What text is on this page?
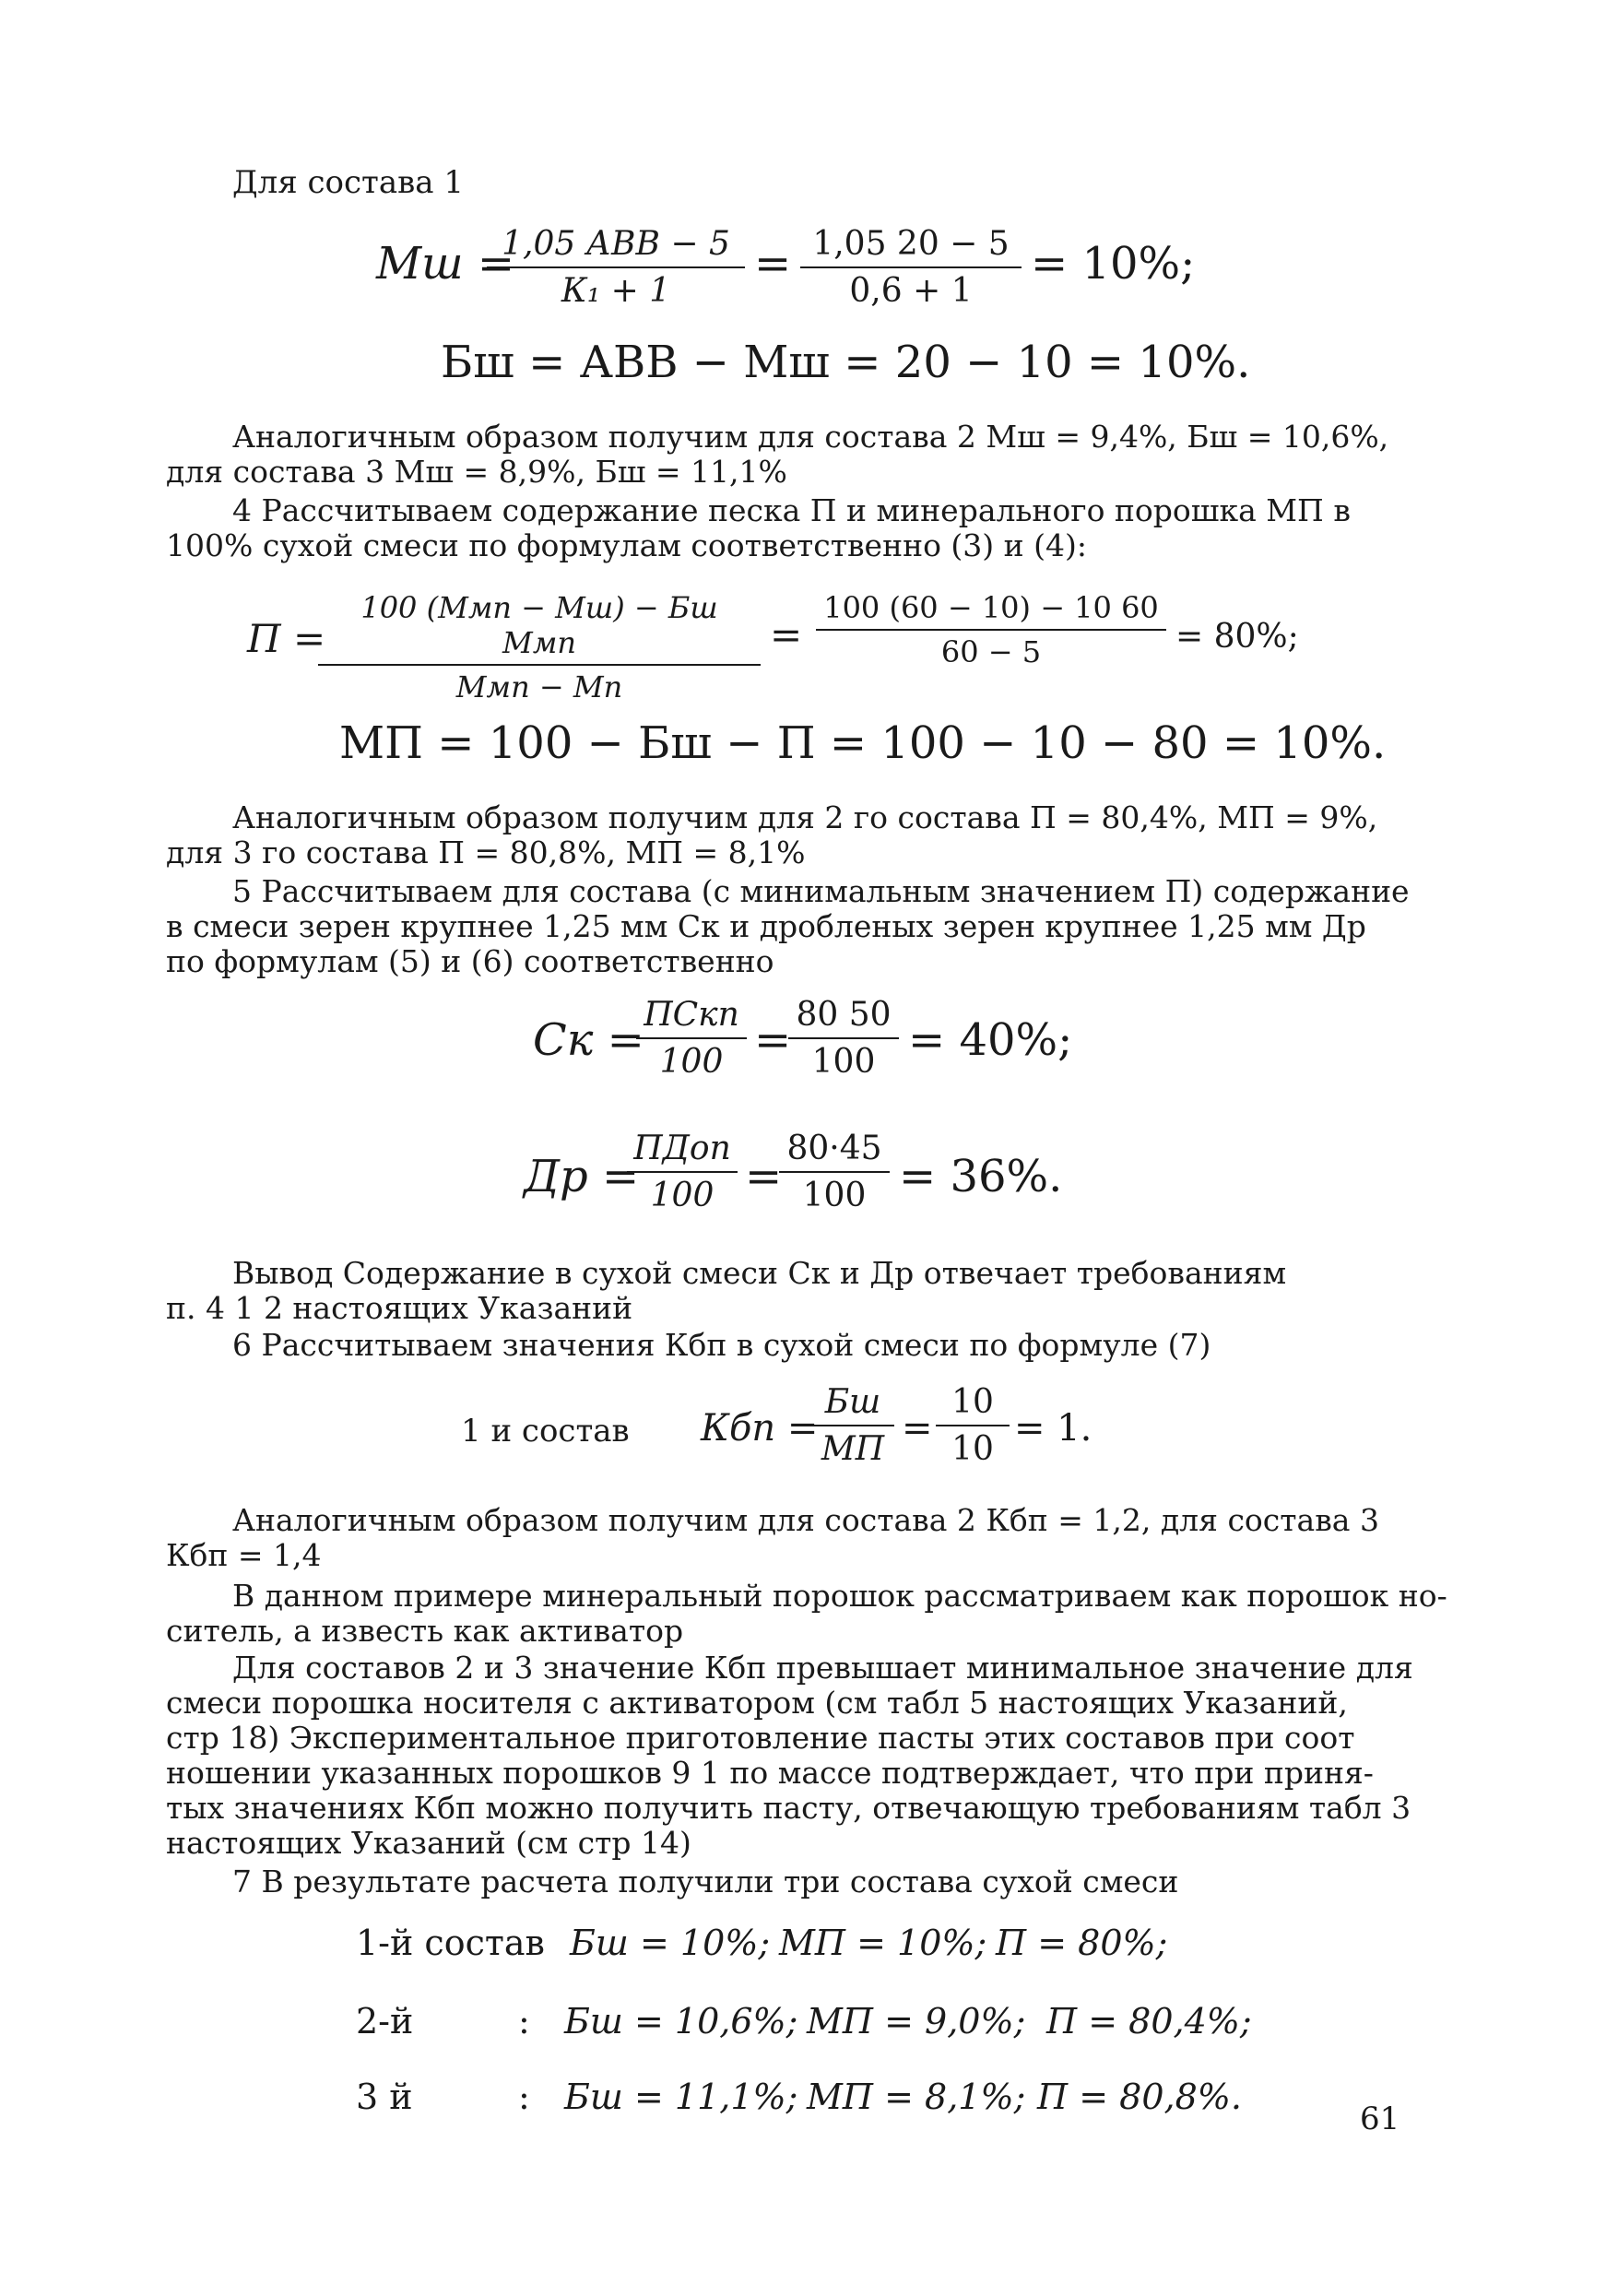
Для состава 1
Мш =
1,05 АВВ − 5
К₁ + 1
= $\frac{1,05 20 - 5}{0,6 + 1} = 10\%$;
Бш = АВВ − Мш = 20 − 10 = 10%.
Аналогичным образом получим для состава 2 Мш = 9,4%, Бш = 10,6%,
для состава 3 Мш = 8,9%, Бш = 11,1%
4 Рассчитываем содержание песка П и минерального порошка МП в
100% сухой смеси по формулам соответственно (3) и (4):
П =
100 (Ммп − Мш) − Бш Ммп
Ммп − Мп
= $\frac{100 (60 - 10) - 10 60}{60 - 5} = 80\%$;
МП = 100 − Бш − П = 100 − 10 − 80 = 10%.
Аналогичным образом получим для 2 го состава П = 80,4%, МП = 9%,
для 3 го состава П = 80,8%, МП = 8,1%
5 Рассчитываем для состава (с минимальным значением П) содержание
в смеси зерен крупнее 1,25 мм Ск и дробленых зерен крупнее 1,25 мм Др
по формулам (5) и (6) соответственно
Ск = ПСкп
100 =
$\frac{80 50}{100} = 40\%$;
Др =
ПДоп
100 =
$\frac{80\cdot 45}{100} = 36\%$.
Вывод Содержание в сухой смеси Ск и Др отвечает требованиям
п. 4 1 2 настоящих Указаний
6 Рассчитываем значения Кбп в сухой смеси по формуле (7)
1 и состав Кбп =
Бш
МП = $\frac{10}{10} = 1$.
Аналогичным образом получим для состава 2 Кбп = 1,2, для состава 3
Кбп = 1,4
В данном примере минеральный порошок рассматриваем как порошок но-
ситель, а известь как активатор
Для составов 2 и 3 значение Кбп превышает минимальное значение для
смеси порошка носителя с активатором (см табл 5 настоящих Указаний,
стр 18) Экспериментальное приготовление пасты этих составов при соот
ношении указанных порошков 9 1 по массе подтверждает, что при приня-
тых значениях Кбп можно получить пасту, отвечающую требованиям табл 3
настоящих Указаний (см стр 14)
7 В результате расчета получили три состава сухой смеси
1-й состав Бш = 10%; МП = 10%; П = 80%;
2-й	: Бш = 10,6%; МП = 9,0%; П = 80,4%;
3 й	: Бш = 11,1%; МП = 8,1%; П = 80,8%.
61
